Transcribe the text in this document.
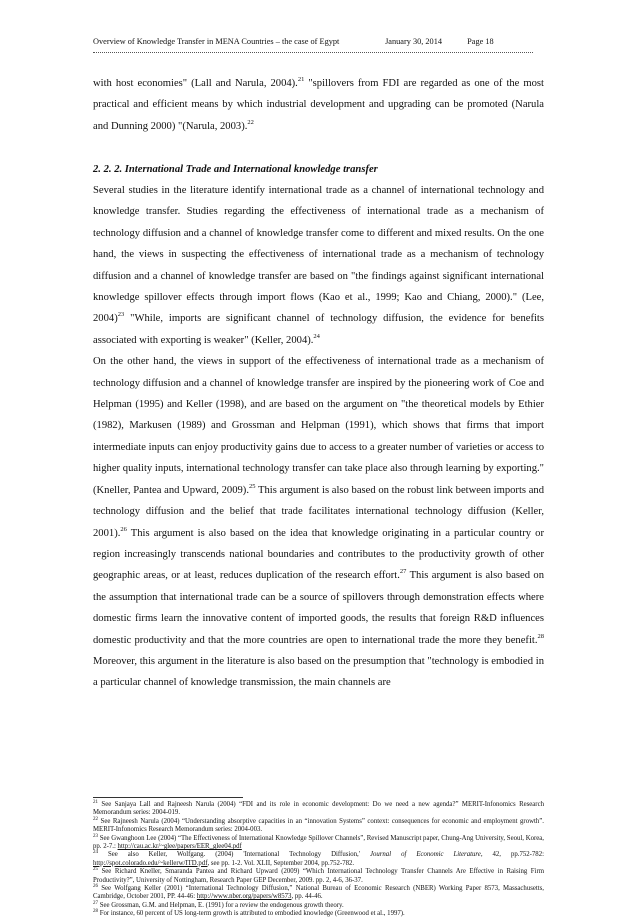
Overview of Knowledge Transfer in MENA Countries – the case of Egypt	January 30, 2014	Page 18

with host economies" (Lall and Narula, 2004).$^{21}$ "spillovers from FDI are regarded as one of the most practical and efficient means by which industrial development and upgrading can be promoted (Narula and Dunning 2000) "(Narula, 2003).$^{22}$

2. 2. 2. International Trade and International knowledge transfer

Several studies in the literature identify international trade as a channel of international technology and knowledge transfer. Studies regarding the effectiveness of international trade as a mechanism of technology diffusion and a channel of knowledge transfer come to different and mixed results. On the one hand, the views in suspecting the effectiveness of international trade as a mechanism of technology diffusion and a channel of knowledge transfer are based on "the findings against significant international knowledge spillover effects through import flows (Kao et al., 1999; Kao and Chiang, 2000)." (Lee, 2004)$^{23}$ "While, imports are significant channel of technology diffusion, the evidence for benefits associated with exporting is weaker" (Keller, 2004).$^{24}$

On the other hand, the views in support of the effectiveness of international trade as a mechanism of technology diffusion and a channel of knowledge transfer are inspired by the pioneering work of Coe and Helpman (1995) and Keller (1998), and are based on the argument on "the theoretical models by Ethier (1982), Markusen (1989) and Grossman and Helpman (1991), which shows that firms that import intermediate inputs can enjoy productivity gains due to access to a greater number of varieties or access to higher quality inputs, international technology transfer can take place also through learning by exporting." (Kneller, Pantea and Upward, 2009).$^{25}$ This argument is also based on the robust link between imports and technology diffusion and the belief that trade facilitates international technology diffusion (Keller, 2001).$^{26}$ This argument is also based on the idea that knowledge originating in a particular country or region increasingly transcends national boundaries and contributes to the productivity growth of other geographic areas, or at least, reduces duplication of the research effort.$^{27}$ This argument is also based on the assumption that international trade can be a source of spillovers through demonstration effects where domestic firms learn the innovative content of imported goods, the results that foreign R&D influences domestic productivity and that the more countries are open to international trade the more they benefit.$^{28}$ Moreover, this argument in the literature is also based on the presumption that "technology is embodied in a particular channel of knowledge transmission, the main channels are

$^{21}$ See Sanjaya Lall and Rajneesh Narula (2004) “FDI and its role in economic development: Do we need a new agenda?” MERIT-Infonomics Research Memorandum series: 2004-019.

$^{22}$ See Rajneesh Narula (2004) “Understanding absorptive capacities in an “innovation Systems” context: consequences for economic and employment growth”. MERIT-Infonomics Research Memorandum series: 2004-003.

$^{23}$ See Gwanghoon Lee (2004) “The Effectiveness of International Knowledge Spillover Channels”, Revised Manuscript paper, Chung-Ang University, Seoul, Korea, pp. 2-7.: http://cau.ac.kr/~glee/papers/EER_glee04.pdf

$^{24}$ See also Keller, Wolfgang. (2004) 'International Technology Diffusion,' Journal of Economic Literature, 42, pp.752-782: http://spot.colorado.edu/~kellerw/ITD.pdf, see pp. 1-2. Vol. XLII, September 2004, pp.752-782.

$^{25}$ See Richard Kneller, Smaranda Pantea and Richard Upward (2009) “Which International Technology Transfer Channels Are Effective in Raising Firm Productivity?”, University of Nottingham, Research Paper GEP December, 2009. pp. 2, 4-6, 36-37.

$^{26}$ See Wolfgang Keller (2001) “International Technology Diffusion,” National Bureau of Economic Research (NBER) Working Paper 8573, Massachusetts, Cambridge, October 2001, PP. 44-46: http://www.nber.org/papers/w8573, pp. 44-46.

$^{27}$ See Grossman, G.M. and Helpman, E. (1991) for a review the endogenous growth theory.

$^{28}$ For instance, 60 percent of US long-term growth is attributed to embodied knowledge (Greenwood et al., 1997).
